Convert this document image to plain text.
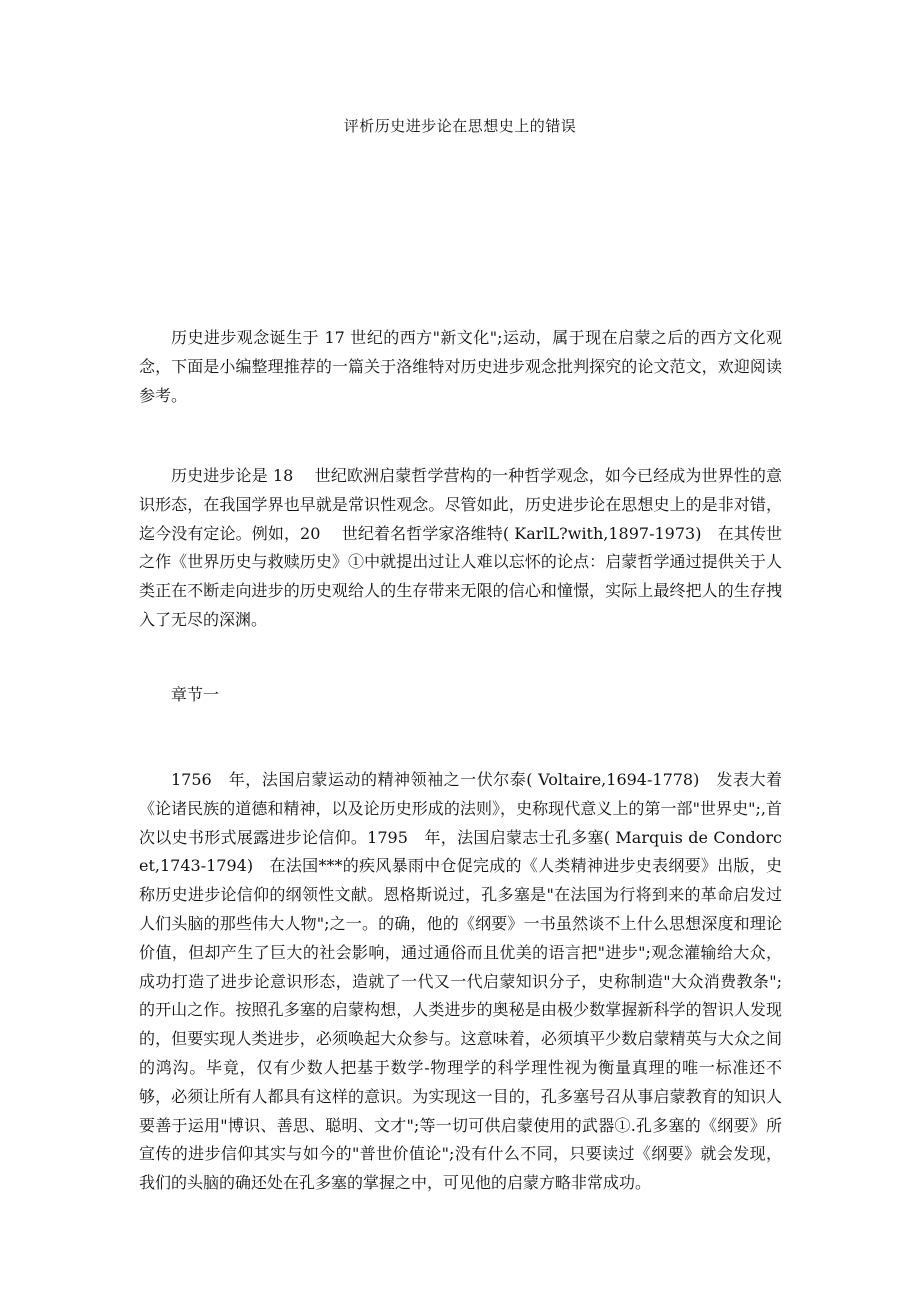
评析历史进步论在思想史上的错误

历史进步观念诞生于 17 世纪的西方"新文化";运动，属于现在启蒙之后的西方文化观念，下面是小编整理推荐的一篇关于洛维特对历史进步观念批判探究的论文范文，欢迎阅读参考。

历史进步论是 18　 世纪欧洲启蒙哲学营构的一种哲学观念，如今已经成为世界性的意识形态，在我国学界也早就是常识性观念。尽管如此，历史进步论在思想史上的是非对错，迄今没有定论。例如，20　 世纪着名哲学家洛维特( KarlL?with,1897-1973)　在其传世之作《世界历史与救赎历史》①中就提出过让人难以忘怀的论点：启蒙哲学通过提供关于人类正在不断走向进步的历史观给人的生存带来无限的信心和憧憬，实际上最终把人的生存拽入了无尽的深渊。

章节一

1756　年，法国启蒙运动的精神领袖之一伏尔泰( Voltaire,1694-1778)　发表大着《论诸民族的道德和精神，以及论历史形成的法则》，史称现代意义上的第一部"世界史";,首次以史书形式展露进步论信仰。1795　年，法国启蒙志士孔多塞( Marquis de Condorcet,1743-1794)　在法国***的疾风暴雨中仓促完成的《人类精神进步史表纲要》出版，史称历史进步论信仰的纲领性文献。恩格斯说过，孔多塞是"在法国为行将到来的革命启发过人们头脑的那些伟大人物";之一。的确，他的《纲要》一书虽然谈不上什么思想深度和理论价值，但却产生了巨大的社会影响，通过通俗而且优美的语言把"进步";观念灌输给大众，成功打造了进步论意识形态，造就了一代又一代启蒙知识分子，史称制造"大众消费教条";的开山之作。按照孔多塞的启蒙构想，人类进步的奥秘是由极少数掌握新科学的智识人发现的，但要实现人类进步，必须唤起大众参与。这意味着，必须填平少数启蒙精英与大众之间的鸿沟。毕竟，仅有少数人把基于数学-物理学的科学理性视为衡量真理的唯一标准还不够，必须让所有人都具有这样的意识。为实现这一目的，孔多塞号召从事启蒙教育的知识人要善于运用"博识、善思、聪明、文才";等一切可供启蒙使用的武器①.孔多塞的《纲要》所宣传的进步信仰其实与如今的"普世价值论";没有什么不同，只要读过《纲要》就会发现，我们的头脑的确还处在孔多塞的掌握之中，可见他的启蒙方略非常成功。
